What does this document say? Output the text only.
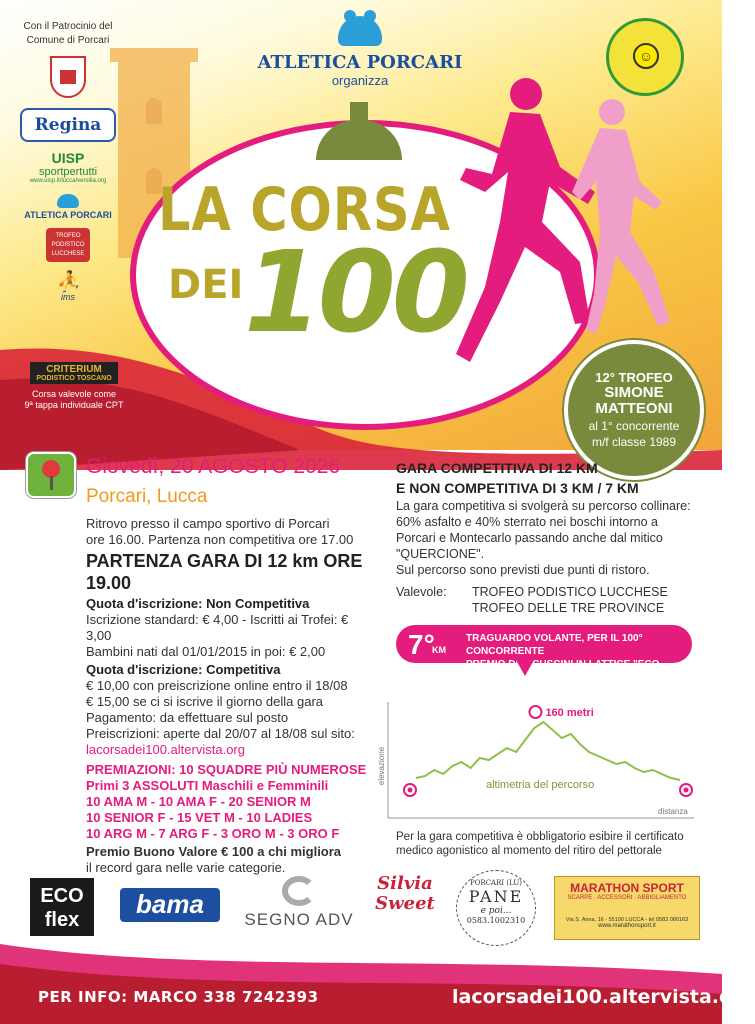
Con il Patrocinio del
Comune di Porcari
Regina
UISP
sportpertutti
www.uisp.it/lucca/versilia.org
ATLETICA PORCARI
TROFEO PODISTICO LUCCHESE
⛹
ims
CRITERIUM
PODISTICO TOSCANO
Corsa valevole come
9ª tappa individuale CPT
ATLETICA PORCARI
organizza
☺
LA CORSA
DEI 100
12° TROFEO
SIMONE
MATTEONI
al 1° concorrente
m/f classe 1989
Giovedì, 20 AGOSTO 2026
Porcari, Lucca
Ritrovo presso il campo sportivo di Porcari
ore 16.00. Partenza non competitiva ore 17.00
PARTENZA GARA DI 12 km ORE 19.00
Quota d'iscrizione: Non Competitiva
Iscrizione standard: € 4,00 - Iscritti ai Trofei: € 3,00
Bambini nati dal 01/01/2015 in poi: € 2,00
Quota d'iscrizione: Competitiva
€ 10,00 con preiscrizione online entro il 18/08
€ 15,00 se ci si iscrive il giorno della gara
Pagamento: da effettuare sul posto
Preiscrizioni: aperte dal 20/07 al 18/08 sul sito:
lacorsadei100.altervista.org
PREMIAZIONI: 10 SQUADRE PIÙ NUMEROSE
Primi 3 ASSOLUTI Maschili e Femminili
10 AMA M - 10 AMA F - 20 SENIOR M
10 SENIOR F - 15 VET M - 10 LADIES
10 ARG M - 7 ARG F - 3 ORO M - 3 ORO F
Premio Buono Valore € 100 a chi migliora
il record gara nelle varie categorie.
GARA COMPETITIVA DI 12 KM
E NON COMPETITIVA DI 3 KM / 7 KM
La gara competitiva si svolgerà su percorso collinare: 60% asfalto e 40% sterrato nei boschi intorno a Porcari e Montecarlo passando anche dal mitico "QUERCIONE".
Sul percorso sono previsti due punti di ristoro.
Valevole:	TROFEO PODISTICO LUCCHESE
TROFEO DELLE TRE PROVINCE
7°
KM
TRAGUARDO VOLANTE, PER IL 100° CONCORRENTE
PREMIO DUE CUSCINI IN LATTICE "ECO FLEX"
elevazione
distanza
160 metri
altimetria del percorso
Per la gara competitiva è obbligatorio esibire il certificato medico agonistico al momento del ritiro del pettorale
ECO
flex
bama
SEGNO ADV
Silvia
Sweet
PORCARI (LU)
PANE
e poi...
0583.1002310
MARATHON SPORT
SCARPE · ACCESSORI · ABBIGLIAMENTO
Via S. Anna, 16 - 55100 LUCCA - tel 0583 080163
www.marathonsport.it
PER INFO: MARCO 338 7242393	lacorsadei100.altervista.org
